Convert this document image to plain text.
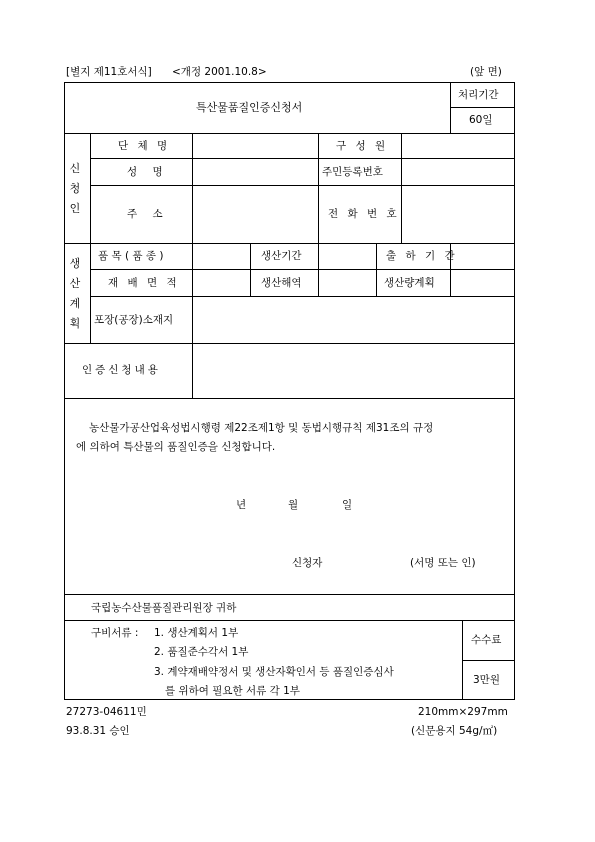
[별지 제11호서식] <개정 2001.10.8>	(앞 면)
특산물품질인증신청서
처리기간
60일
신
청
인
단 체 명	구 성 원
성 명	주민등록번호
주 소	전 화 번 호
생
산
계
획
품 목 ( 품 종 )	생산기간	출 하 기 간
재 배 면 적	생산해역	생산량계획
포장(공장)소재지
인증신청내용
농산물가공산업육성법시행령 제22조제1항 및 동법시행규칙 제31조의 규정
에 의하여 특산물의 품질인증을 신청합니다.
년	월	일
신청자	(서명 또는 인)
국립농수산물품질관리원장 귀하
구비서류 : 1. 생산계획서 1부
2. 품질준수각서 1부
3. 계약재배약정서 및 생산자확인서 등 품질인증심사
를 위하여 필요한 서류 각 1부
수수료
3만원
27273-04611민	210mm×297mm
93.8.31 승인	(신문용지 54g/㎡)
